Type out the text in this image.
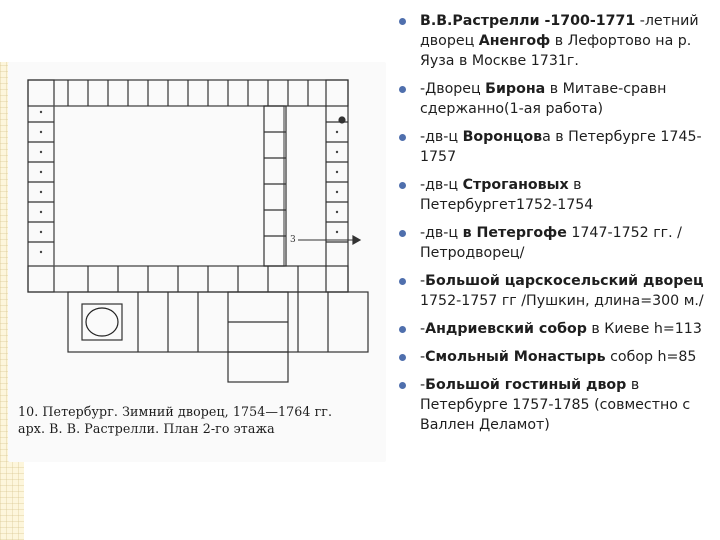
3
10. Петербург. Зимний дворец, 1754—1764 гг.
арх. В. В. Растрелли. План 2-го этажа
В.В.Растрелли -1700-1771 -летний дворец Аненгоф в Лефортово на р. Яуза в Москве 1731г.
-Дворец Бирона в Митаве-сравн сдержанно(1-ая работа)
-дв-ц Воронцова в Петербурге 1745-1757
-дв-ц Строгановых в Петербургет1752-1754
-дв-ц в Петергофе 1747-1752 гг. /Петродворец/
-Большой царскосельский дворец 1752-1757 гг /Пушкин, длина=300 м./
-Андриевский собор в Киеве h=113
-Смольный Монастырь собор h=85
-Большой гостиный двор в Петербурге 1757-1785 (совместно с Валлен Деламот)
